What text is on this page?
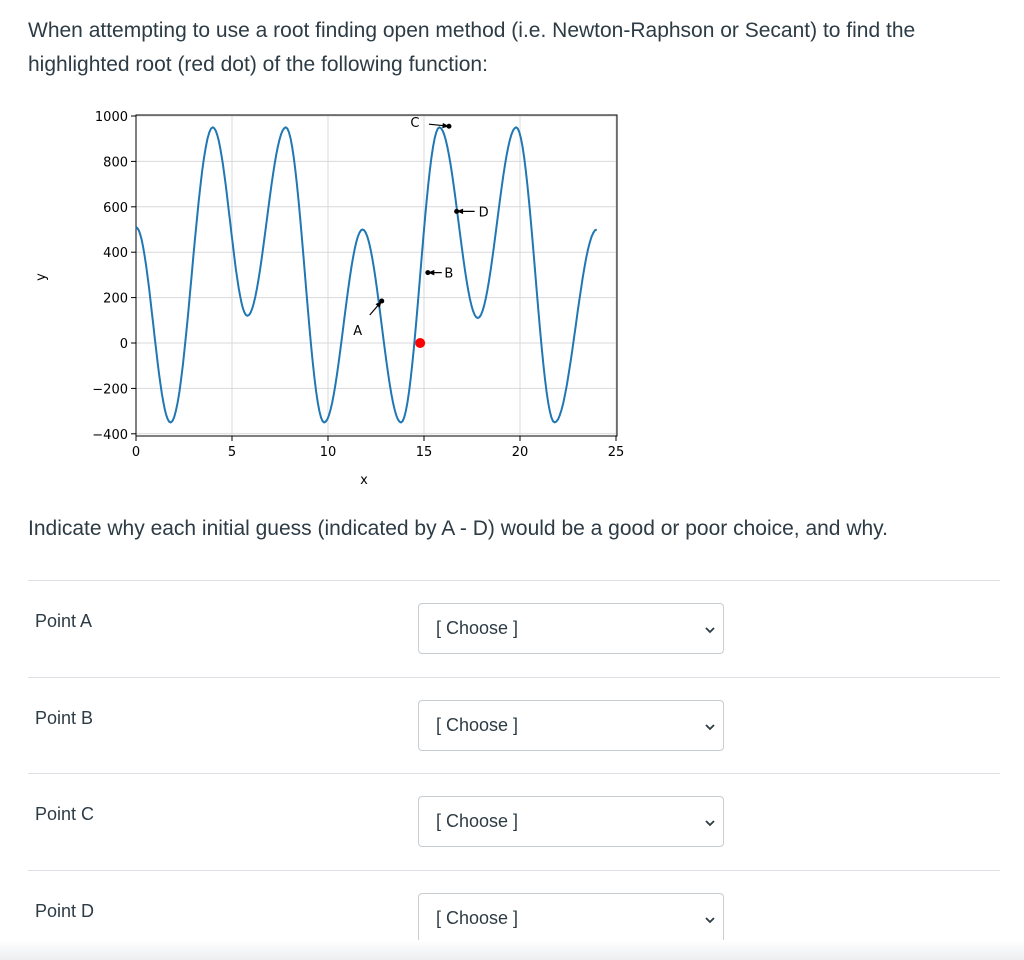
When attempting to use a root finding open method (i.e. Newton-Raphson or Secant) to find the highlighted root (red dot) of the following function:

0	5	10	15	20	25
1000
800
600
400
200
0
−200
−400
y
x
A
B
C
D

Indicate why each initial guess (indicated by A - D) would be a good or poor choice, and why.

Point A	[ Choose ]
Point B	[ Choose ]
Point C	[ Choose ]
Point D	[ Choose ]
